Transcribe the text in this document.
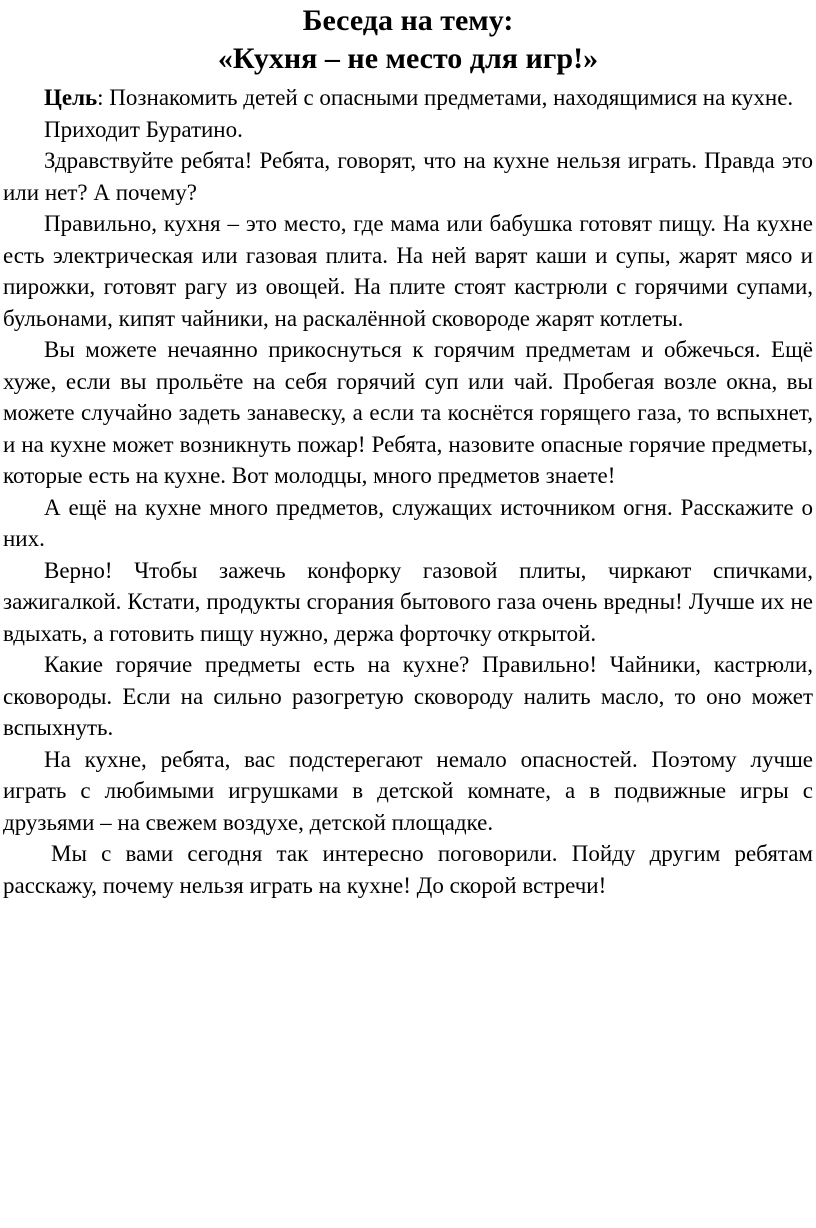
Беседа на тему:
«Кухня – не место для игр!»

Цель: Познакомить детей с опасными предметами, находящимися на кухне.

Приходит Буратино.

Здравствуйте ребята! Ребята, говорят, что на кухне нельзя играть. Правда это или нет? А почему?

Правильно, кухня – это место, где мама или бабушка готовят пищу. На кухне есть электрическая или газовая плита. На ней варят каши и супы, жарят мясо и пирожки, готовят рагу из овощей. На плите стоят кастрюли с горячими супами, бульонами, кипят чайники, на раскалённой сковороде жарят котлеты.

Вы можете нечаянно прикоснуться к горячим предметам и обжечься. Ещё хуже, если вы прольёте на себя горячий суп или чай. Пробегая возле окна, вы можете случайно задеть занавеску, а если та коснётся горящего газа, то вспыхнет, и на кухне может возникнуть пожар! Ребята, назовите опасные горячие предметы, которые есть на кухне. Вот молодцы, много предметов знаете!

А ещё на кухне много предметов, служащих источником огня. Расскажите о них.

Верно! Чтобы зажечь конфорку газовой плиты, чиркают спичками, зажигалкой. Кстати, продукты сгорания бытового газа очень вредны! Лучше их не вдыхать, а готовить пищу нужно, держа форточку открытой.

Какие горячие предметы есть на кухне? Правильно! Чайники, кастрюли, сковороды. Если на сильно разогретую сковороду налить масло, то оно может вспыхнуть.

На кухне, ребята, вас подстерегают немало опасностей. Поэтому лучше играть с любимыми игрушками в детской комнате, а в подвижные игры с друзьями – на свежем воздухе, детской площадке.

Мы с вами сегодня так интересно поговорили. Пойду другим ребятам расскажу, почему нельзя играть на кухне! До скорой встречи!
